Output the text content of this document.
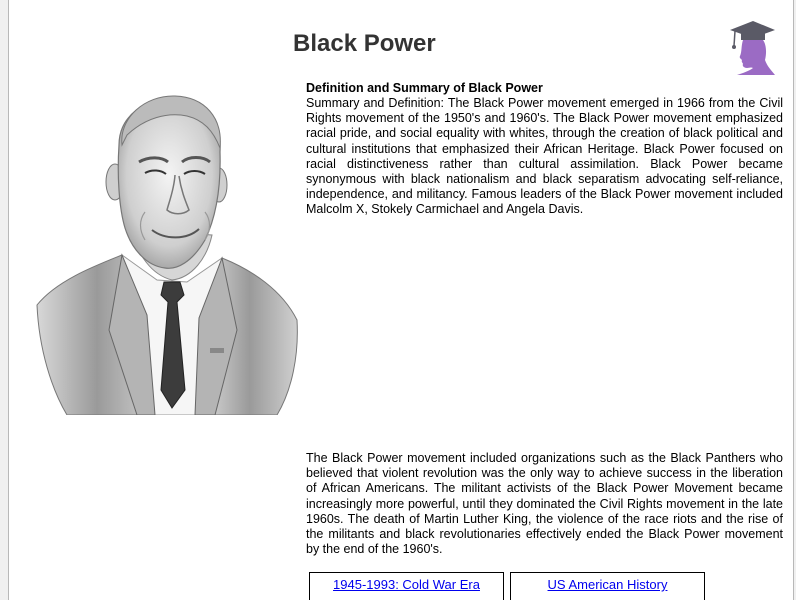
Black Power
Definition and Summary of Black Power

Summary and Definition: The Black Power movement emerged in 1966 from the Civil Rights movement of the 1950's and 1960's. The Black Power movement emphasized racial pride, and social equality with whites, through the creation of black political and cultural institutions that emphasized their African Heritage. Black Power focused on racial distinctiveness rather than cultural assimilation. Black Power became synonymous with black nationalism and black separatism advocating self-reliance, independence, and militancy. Famous leaders of the Black Power movement included Malcolm X, Stokely Carmichael and Angela Davis.

The Black Power movement included organizations such as the Black Panthers who believed that violent revolution was the only way to achieve success in the liberation of African Americans. The militant activists of the Black Power Movement became increasingly more powerful, until they dominated the Civil Rights movement in the late 1960s. The death of Martin Luther King, the violence of the race riots and the rise of the militants and black revolutionaries effectively ended the Black Power movement by the end of the 1960's.

1945-1993: Cold War Era	US American History
